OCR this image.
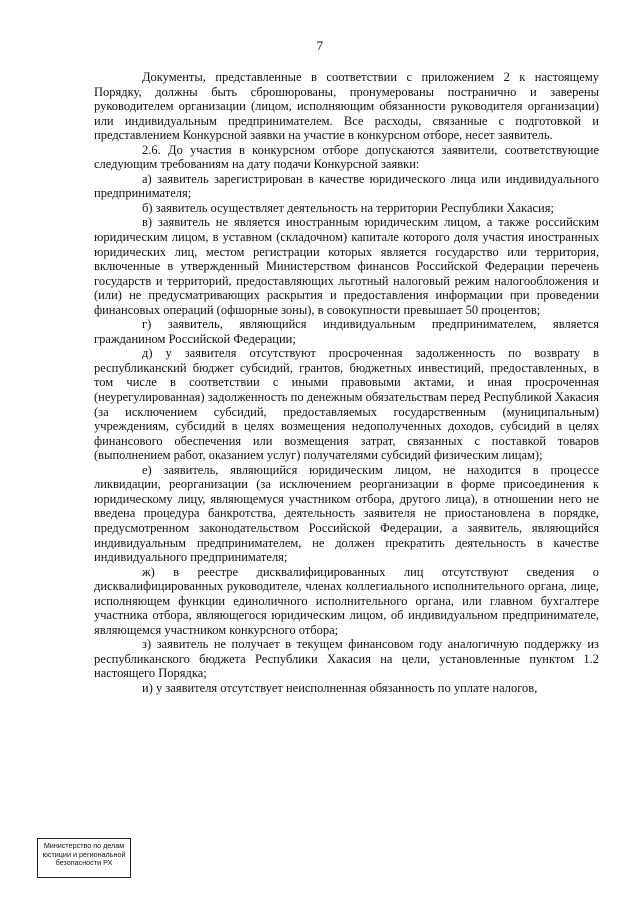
7

Документы, представленные в соответствии с приложением 2 к настоящему Порядку, должны быть сброшюрованы, пронумерованы постранично и заверены руководителем организации (лицом, исполняющим обязанности руководителя организации) или индивидуальным предпринимателем. Все расходы, связанные с подготовкой и представлением Конкурсной заявки на участие в конкурсном отборе, несет заявитель.

2.6. До участия в конкурсном отборе допускаются заявители, соответствующие следующим требованиям на дату подачи Конкурсной заявки:

а) заявитель зарегистрирован в качестве юридического лица или индивидуального предпринимателя;

б) заявитель осуществляет деятельность на территории Республики Хакасия;

в) заявитель не является иностранным юридическим лицом, а также российским юридическим лицом, в уставном (складочном) капитале которого доля участия иностранных юридических лиц, местом регистрации которых является государство или территория, включенные в утвержденный Министерством финансов Российской Федерации перечень государств и территорий, предоставляющих льготный налоговый режим налогообложения и (или) не предусматривающих раскрытия и предоставления информации при проведении финансовых операций (офшорные зоны), в совокупности превышает 50 процентов;

г) заявитель, являющийся индивидуальным предпринимателем, является гражданином Российской Федерации;

д) у заявителя отсутствуют просроченная задолженность по возврату в республиканский бюджет субсидий, грантов, бюджетных инвестиций, предоставленных, в том числе в соответствии с иными правовыми актами, и иная просроченная (неурегулированная) задолженность по денежным обязательствам перед Республикой Хакасия (за исключением субсидий, предоставляемых государственным (муниципальным) учреждениям, субсидий в целях возмещения недополученных доходов, субсидий в целях финансового обеспечения или возмещения затрат, связанных с поставкой товаров (выполнением работ, оказанием услуг) получателями субсидий физическим лицам);

е) заявитель, являющийся юридическим лицом, не находится в процессе ликвидации, реорганизации (за исключением реорганизации в форме присоединения к юридическому лицу, являющемуся участником отбора, другого лица), в отношении него не введена процедура банкротства, деятельность заявителя не приостановлена в порядке, предусмотренном законодательством Российской Федерации, а заявитель, являющийся индивидуальным предпринимателем, не должен прекратить деятельность в качестве индивидуального предпринимателя;

ж) в реестре дисквалифицированных лиц отсутствуют сведения о дисквалифицированных руководителе, членах коллегиального исполнительного органа, лице, исполняющем функции единоличного исполнительного органа, или главном бухгалтере участника отбора, являющегося юридическим лицом, об индивидуальном предпринимателе, являющемся участником конкурсного отбора;

з) заявитель не получает в текущем финансовом году аналогичную поддержку из республиканского бюджета Республики Хакасия на цели, установленные пунктом 1.2 настоящего Порядка;

и) у заявителя отсутствует неисполненная обязанность по уплате налогов,

Министерство по делам
юстиции и региональной
безопасности РХ
